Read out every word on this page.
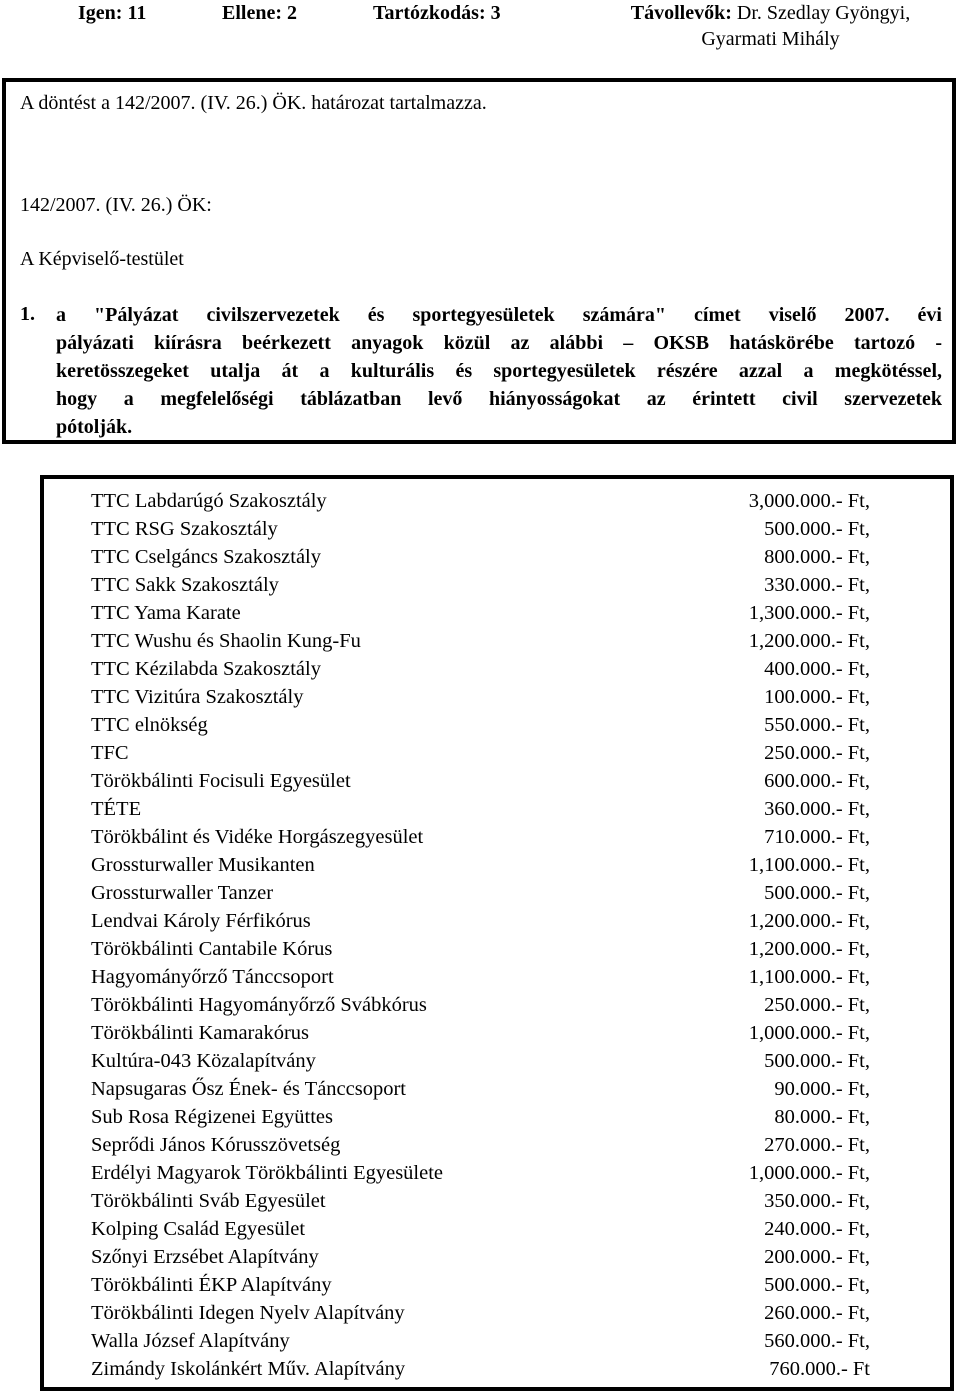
Igen: 11	Ellene: 2	Tartózkodás: 3	Távollevők: Dr. Szedlay Gyöngyi,
Gyarmati Mihály
A döntést a 142/2007. (IV. 26.) ÖK. határozat tartalmazza.
142/2007. (IV. 26.) ÖK:
A Képviselő-testület
1. a "Pályázat civilszervezetek és sportegyesületek számára" címet viselő 2007. évi
pályázati kiírásra beérkezett anyagok közül az alábbi – OKSB hatáskörébe tartozó -
keretösszegeket utalja át a kulturális és sportegyesületek részére azzal a megkötéssel,
hogy a megfelelőségi táblázatban levő hiányosságokat az érintett civil szervezetek
pótolják.
TTC Labdarúgó Szakosztály	3,000.000.- Ft,
TTC RSG Szakosztály	500.000.- Ft,
TTC Cselgáncs Szakosztály	800.000.- Ft,
TTC Sakk Szakosztály	330.000.- Ft,
TTC Yama Karate	1,300.000.- Ft,
TTC Wushu és Shaolin Kung-Fu	1,200.000.- Ft,
TTC Kézilabda Szakosztály	400.000.- Ft,
TTC Vizitúra Szakosztály	100.000.- Ft,
TTC elnökség	550.000.- Ft,
TFC	250.000.- Ft,
Törökbálinti Focisuli Egyesület	600.000.- Ft,
TÉTE	360.000.- Ft,
Törökbálint és Vidéke Horgászegyesület	710.000.- Ft,
Grossturwaller Musikanten	1,100.000.- Ft,
Grossturwaller Tanzer	500.000.- Ft,
Lendvai Károly Férfikórus	1,200.000.- Ft,
Törökbálinti Cantabile Kórus	1,200.000.- Ft,
Hagyományőrző Tánccsoport	1,100.000.- Ft,
Törökbálinti Hagyományőrző Svábkórus	250.000.- Ft,
Törökbálinti Kamarakórus	1,000.000.- Ft,
Kultúra-043 Közalapítvány	500.000.- Ft,
Napsugaras Ősz Ének- és Tánccsoport	90.000.- Ft,
Sub Rosa Régizenei Együttes	80.000.- Ft,
Seprődi János Kórusszövetség	270.000.- Ft,
Erdélyi Magyarok Törökbálinti Egyesülete	1,000.000.- Ft,
Törökbálinti Sváb Egyesület	350.000.- Ft,
Kolping Család Egyesület	240.000.- Ft,
Szőnyi Erzsébet Alapítvány	200.000.- Ft,
Törökbálinti ÉKP Alapítvány	500.000.- Ft,
Törökbálinti Idegen Nyelv Alapítvány	260.000.- Ft,
Walla József Alapítvány	560.000.- Ft,
Zimándy Iskolánkért Műv. Alapítvány	760.000.- Ft
